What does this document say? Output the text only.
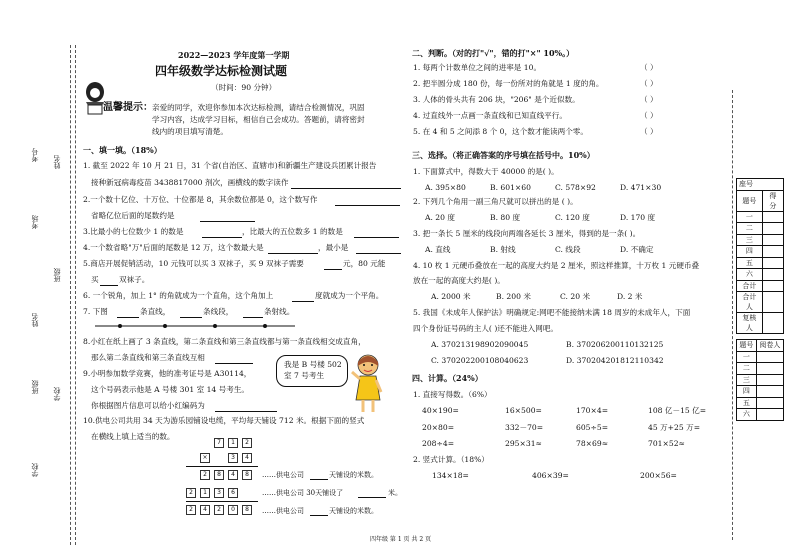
姓名
考号
班级
学校
考场
学校
班级
姓名
2022—2023 学年度第一学期
四年级数学达标检测试题
（时间：90 分钟）
温馨提示： 亲爱的同学，欢迎你参加本次达标检测，请结合检测情况，巩固
学习内容，达成学习目标，相信自己会成功。答题前，请将密封
线内的项目填写清楚。
一、填一填。（18%）
1. 截至 2022 年 10 月 21 日，31 个省(自治区、直辖市)和新疆生产建设兵团累计报告
接种新冠病毒疫苗 3438817000 剂次，画横线的数字读作
2.一个数十亿位、十万位、十位都是 8，其余数位都是 0，这个数写作
省略亿位后面的尾数约是
3.比最小的七位数少 1 的数是	，比最大的五位数多 1 的数是
4.一个数省略"万"后面的尾数是 12 万，这个数最大是	，最小是
5.商店开展促销活动，10 元钱可以买 3 双袜子，买 9 双袜子需要	元，80 元能
买	双袜子。
6. 一个锐角，加上 1° 的角就成为一个直角，这个角加上	度就成为一个平角。
7. 下图	条直线，	条线段，	条射线。
8.小红在纸上画了 3 条直线，第二条直线和第三条直线都与第一条直线相交成直角，
那么第二条直线和第三条直线互相
9.小明参加数学竞赛，他的准考证号是 A30114，
这个号码表示他是 A 号楼 301 室 14 号考生。
你根据图片信息可以给小红编码为
我是 B 号楼 502
室 7 号考生
10.供电公司共用 34 天为游乐园铺设电缆，平均每天铺设 712 米。根据下面的竖式
在横线上填上适当的数。
7	1	2
×	3	4
2	8	4	8
2	1	3	6
2	4	2	0	8
……供电公司	天铺设的米数。
……供电公司 30天铺设了	米。
……供电公司	天铺设的米数。
二、判断。（对的打"√"，错的打"×" 10%。）
1. 每两个计数单位之间的进率是 10。	（ ）
2. 把半圆分成 180 份，每一份所对的角就是 1 度的角。	（ ）
3. 人体的骨头共有 206 块，"206" 是个近似数。	（ ）
4. 过直线外一点画一条直线和已知直线平行。	（ ）
5. 在 4 和 5 之间添 8 个 0，这个数才能读两个零。	（ ）
三、选择。（将正确答案的序号填在括号中。10%）
1. 下面算式中，得数大于 40000 的是( )。
A. 395×80	B. 601×60	C. 578×92	D. 471×30
2. 下列几个角用一副三角尺就可以拼出的是 ( )。
A. 20 度	B. 80 度	C. 120 度	D. 170 度
3. 把一条长 5 厘米的线段向两端各延长 3 厘米，得到的是一条( )。
A. 直线	B. 射线	C. 线段	D. 不确定
4. 10 枚 1 元硬币叠放在一起的高度大约是 2 厘米，照这样推算，十万枚 1 元硬币叠
放在一起的高度大约是( )。
A. 2000 米	B. 200 米	C. 20 米	D. 2 米
5. 我国《未成年人保护法》明确规定:网吧不能接纳未满 18 周岁的未成年人，下面
四个身份证号码的主人( )还不能进入网吧。
A. 370213198902090045	B. 370206200110132125
C. 370202200108040623	D. 370204201812110342
四、计算。（24%）
1. 直接写得数。（6%）
40×190=	16×500=	170×4=	108 亿－15 亿=
20×80=	332－70=	605÷5=	45 万+25 万=
208÷4=	295×31≈	78×69≈	701×52≈
2. 竖式计算。（18%）
134×18=	406×39=	200×56=
座号	
题号	得 分
一	
二	
三	
四	
五	
六	
合计	
合计人	
复核人	
题号	阅卷人
一	
二	
三	
四	
五	
六	
四年级 第 1 页 共 2 页
